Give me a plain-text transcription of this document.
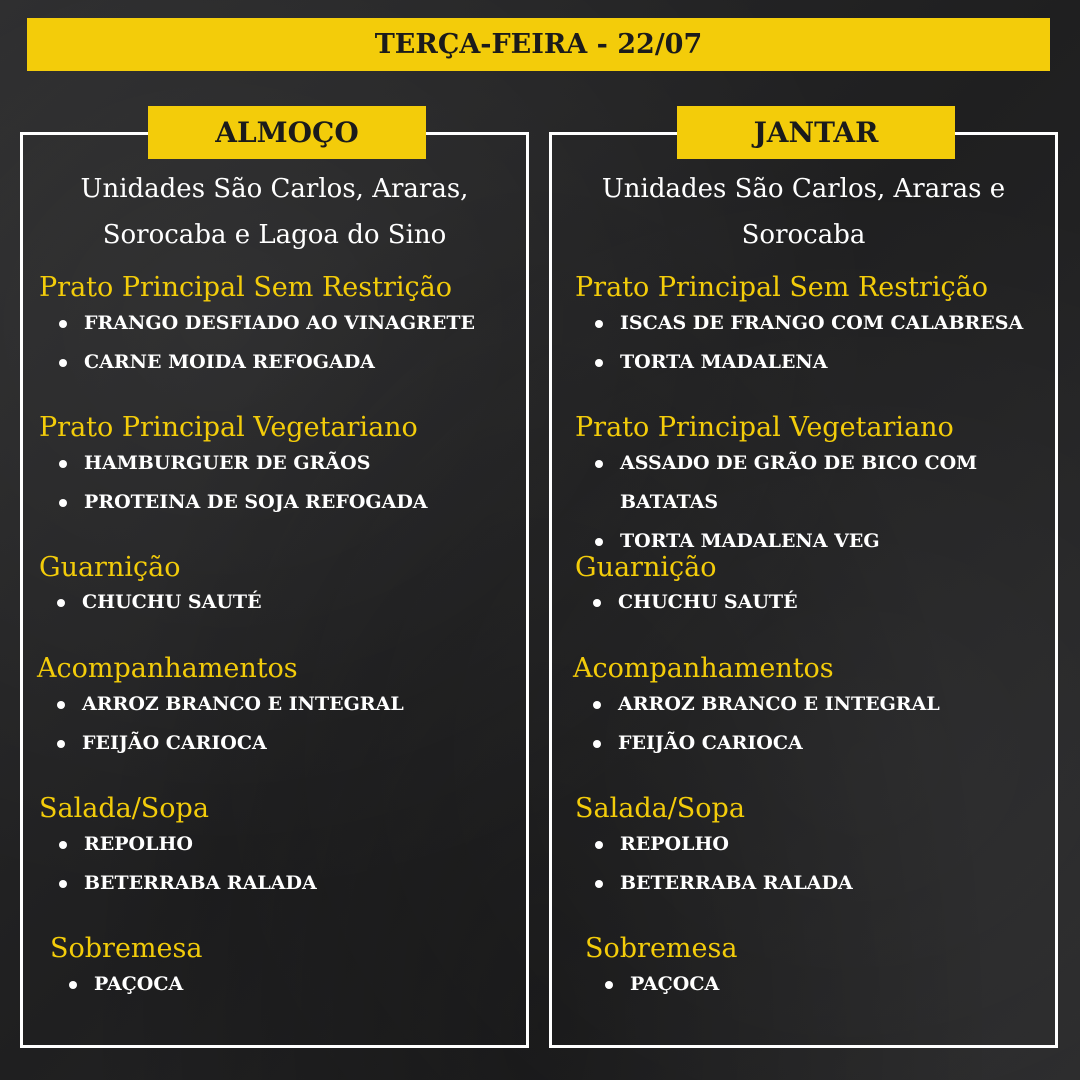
TERÇA-FEIRA - 22/07
ALMOÇO
Unidades São Carlos, Araras,
Sorocaba e Lagoa do Sino
Prato Principal Sem Restrição
FRANGO DESFIADO AO VINAGRETE
CARNE MOIDA REFOGADA
Prato Principal Vegetariano
HAMBURGUER DE GRÃOS
PROTEINA DE SOJA REFOGADA
Guarnição
CHUCHU SAUTÉ
Acompanhamentos
ARROZ BRANCO E INTEGRAL
FEIJÃO CARIOCA
Salada/Sopa
REPOLHO
BETERRABA RALADA
Sobremesa
PAÇOCA
JANTAR
Unidades São Carlos, Araras e
Sorocaba
Prato Principal Sem Restrição
ISCAS DE FRANGO COM CALABRESA
TORTA MADALENA
Prato Principal Vegetariano
ASSADO DE GRÃO DE BICO COM
BATATAS
TORTA MADALENA VEG
Guarnição
CHUCHU SAUTÉ
Acompanhamentos
ARROZ BRANCO E INTEGRAL
FEIJÃO CARIOCA
Salada/Sopa
REPOLHO
BETERRABA RALADA
Sobremesa
PAÇOCA
